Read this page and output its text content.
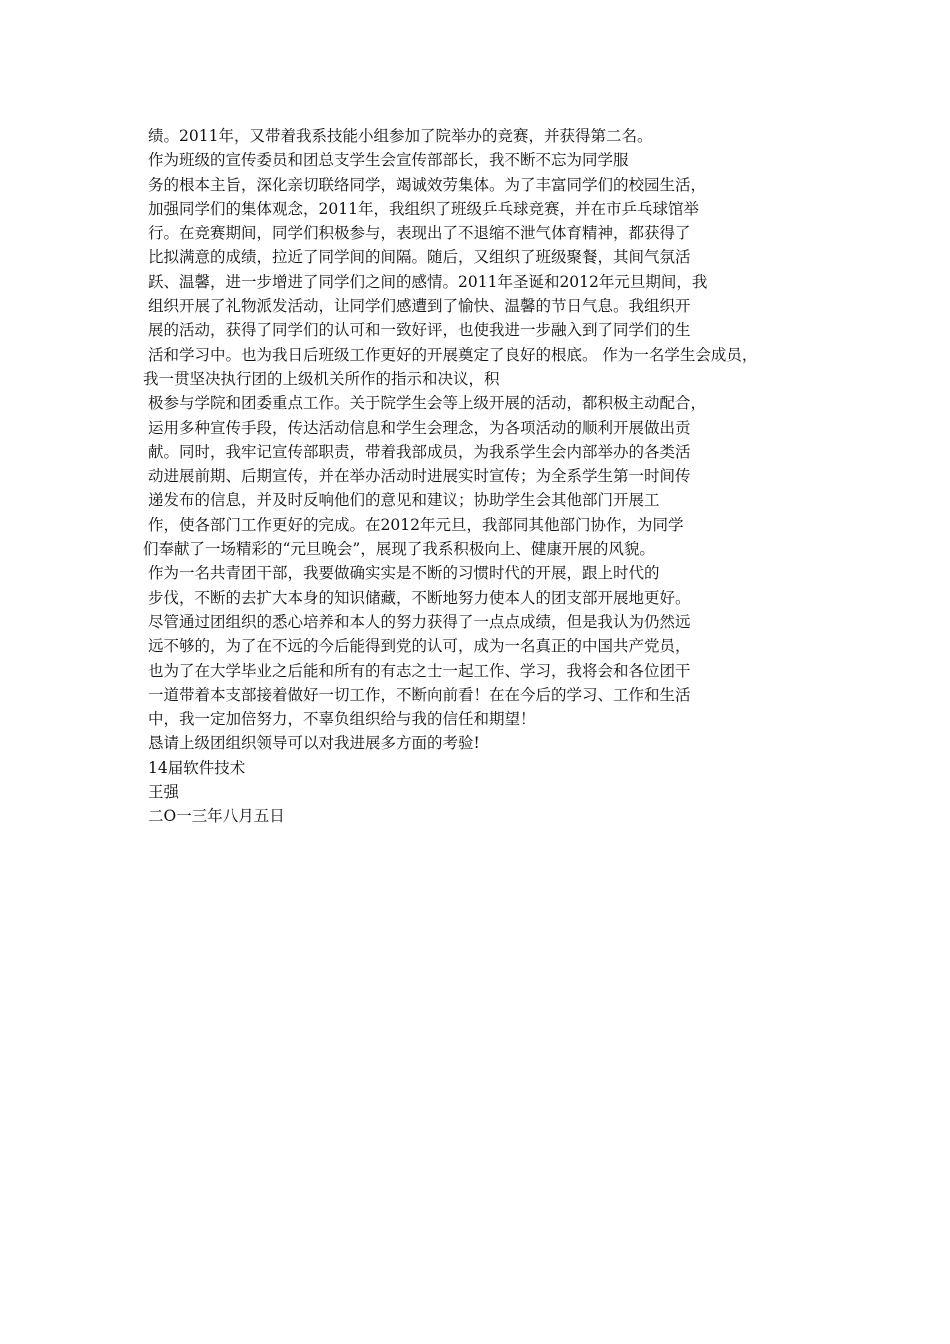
绩。2011年，又带着我系技能小组参加了院举办的竞赛，并获得第二名。
作为班级的宣传委员和团总支学生会宣传部部长，我不断不忘为同学服
务的根本主旨，深化亲切联络同学，竭诚效劳集体。为了丰富同学们的校园生活，
加强同学们的集体观念，2011年，我组织了班级乒乓球竞赛，并在市乒乓球馆举
行。在竞赛期间，同学们积极参与，表现出了不退缩不泄气体育精神，都获得了
比拟满意的成绩，拉近了同学间的间隔。随后，又组织了班级聚餐，其间气氛活
跃、温馨，进一步增进了同学们之间的感情。2011年圣诞和2012年元旦期间，我
组织开展了礼物派发活动，让同学们感遭到了愉快、温馨的节日气息。我组织开
展的活动，获得了同学们的认可和一致好评，也使我进一步融入到了同学们的生
活和学习中。也为我日后班级工作更好的开展奠定了良好的根底。 作为一名学生会成员，
我一贯坚决执行团的上级机关所作的指示和决议，积
极参与学院和团委重点工作。关于院学生会等上级开展的活动，都积极主动配合，
运用多种宣传手段，传达活动信息和学生会理念，为各项活动的顺利开展做出贡
献。同时，我牢记宣传部职责，带着我部成员，为我系学生会内部举办的各类活
动进展前期、后期宣传，并在举办活动时进展实时宣传；为全系学生第一时间传
递发布的信息，并及时反响他们的意见和建议；协助学生会其他部门开展工
作，使各部门工作更好的完成。在2012年元旦，我部同其他部门协作，为同学
们奉献了一场精彩的“元旦晚会”，展现了我系积极向上、健康开展的风貌。
作为一名共青团干部，我要做确实实是不断的习惯时代的开展，跟上时代的
步伐，不断的去扩大本身的知识储藏，不断地努力使本人的团支部开展地更好。
尽管通过团组织的悉心培养和本人的努力获得了一点点成绩，但是我认为仍然远
远不够的，为了在不远的今后能得到党的认可，成为一名真正的中国共产党员，
也为了在大学毕业之后能和所有的有志之士一起工作、学习，我将会和各位团干
一道带着本支部接着做好一切工作，不断向前看！在在今后的学习、工作和生活
中，我一定加倍努力，不辜负组织给与我的信任和期望！
恳请上级团组织领导可以对我进展多方面的考验!
14届软件技术
王强
二O一三年八月五日
